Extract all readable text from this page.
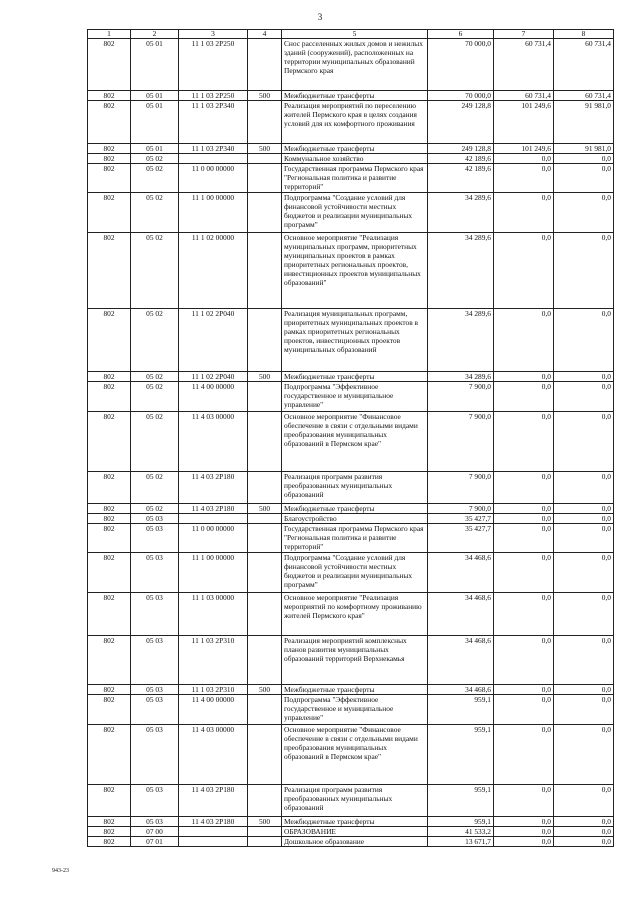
3
1	2	3	4	5	6	7	8
802	05 01	11 1 03 2Р250		Снос расселенных жилых домов и нежилых зданий (сооружений), расположенных на территории муниципальных образований Пермского края	70 000,0	60 731,4	60 731,4
802	05 01	11 1 03 2Р250	500	Межбюджетные трансферты	70 000,0	60 731,4	60 731,4
802	05 01	11 1 03 2Р340		Реализация мероприятий по переселению жителей Пермского края в целях создания условий для их комфортного проживания	249 128,8	101 249,6	91 981,0
802	05 01	11 1 03 2Р340	500	Межбюджетные трансферты	249 128,8	101 249,6	91 981,0
802	05 02			Коммунальное хозяйство	42 189,6	0,0	0,0
802	05 02	11 0 00 00000		Государственная программа Пермского края "Региональная политика и развитие территорий"	42 189,6	0,0	0,0
802	05 02	11 1 00 00000		Подпрограмма "Создание условий для финансовой устойчивости местных бюджетов и реализации муниципальных программ"	34 289,6	0,0	0,0
802	05 02	11 1 02 00000		Основное мероприятие "Реализация муниципальных программ, приоритетных муниципальных проектов в рамках приоритетных региональных проектов, инвестиционных проектов муниципальных образований"	34 289,6	0,0	0,0
802	05 02	11 1 02 2Р040		Реализация муниципальных программ, приоритетных муниципальных проектов в рамках приоритетных региональных проектов, инвестиционных проектов муниципальных образований	34 289,6	0,0	0,0
802	05 02	11 1 02 2Р040	500	Межбюджетные трансферты	34 289,6	0,0	0,0
802	05 02	11 4 00 00000		Подпрограмма "Эффективное государственное и муниципальное управление"	7 900,0	0,0	0,0
802	05 02	11 4 03 00000		Основное мероприятие "Финансовое обеспечение в связи с отдельными видами преобразования муниципальных образований в Пермском крае"	7 900,0	0,0	0,0
802	05 02	11 4 03 2Р180		Реализация программ развития преобразованных муниципальных образований	7 900,0	0,0	0,0
802	05 02	11 4 03 2Р180	500	Межбюджетные трансферты	7 900,0	0,0	0,0
802	05 03			Благоустройство	35 427,7	0,0	0,0
802	05 03	11 0 00 00000		Государственная программа Пермского края "Региональная политика и развитие территорий"	35 427,7	0,0	0,0
802	05 03	11 1 00 00000		Подпрограмма "Создание условий для финансовой устойчивости местных бюджетов и реализации муниципальных программ"	34 468,6	0,0	0,0
802	05 03	11 1 03 00000		Основное мероприятие "Реализация мероприятий по комфортному проживанию жителей Пермского края"	34 468,6	0,0	0,0
802	05 03	11 1 03 2Р310		Реализация мероприятий комплексных планов развития муниципальных образований территорий Верхнекамья	34 468,6	0,0	0,0
802	05 03	11 1 03 2Р310	500	Межбюджетные трансферты	34 468,6	0,0	0,0
802	05 03	11 4 00 00000		Подпрограмма "Эффективное государственное и муниципальное управление"	959,1	0,0	0,0
802	05 03	11 4 03 00000		Основное мероприятие "Финансовое обеспечение в связи с отдельными видами преобразования муниципальных образований в Пермском крае"	959,1	0,0	0,0
802	05 03	11 4 03 2Р180		Реализация программ развития преобразованных муниципальных образований	959,1	0,0	0,0
802	05 03	11 4 03 2Р180	500	Межбюджетные трансферты	959,1	0,0	0,0
802	07 00			ОБРАЗОВАНИЕ	41 533,2	0,0	0,0
802	07 01			Дошкольное образование	13 671,7	0,0	0,0
943-23
